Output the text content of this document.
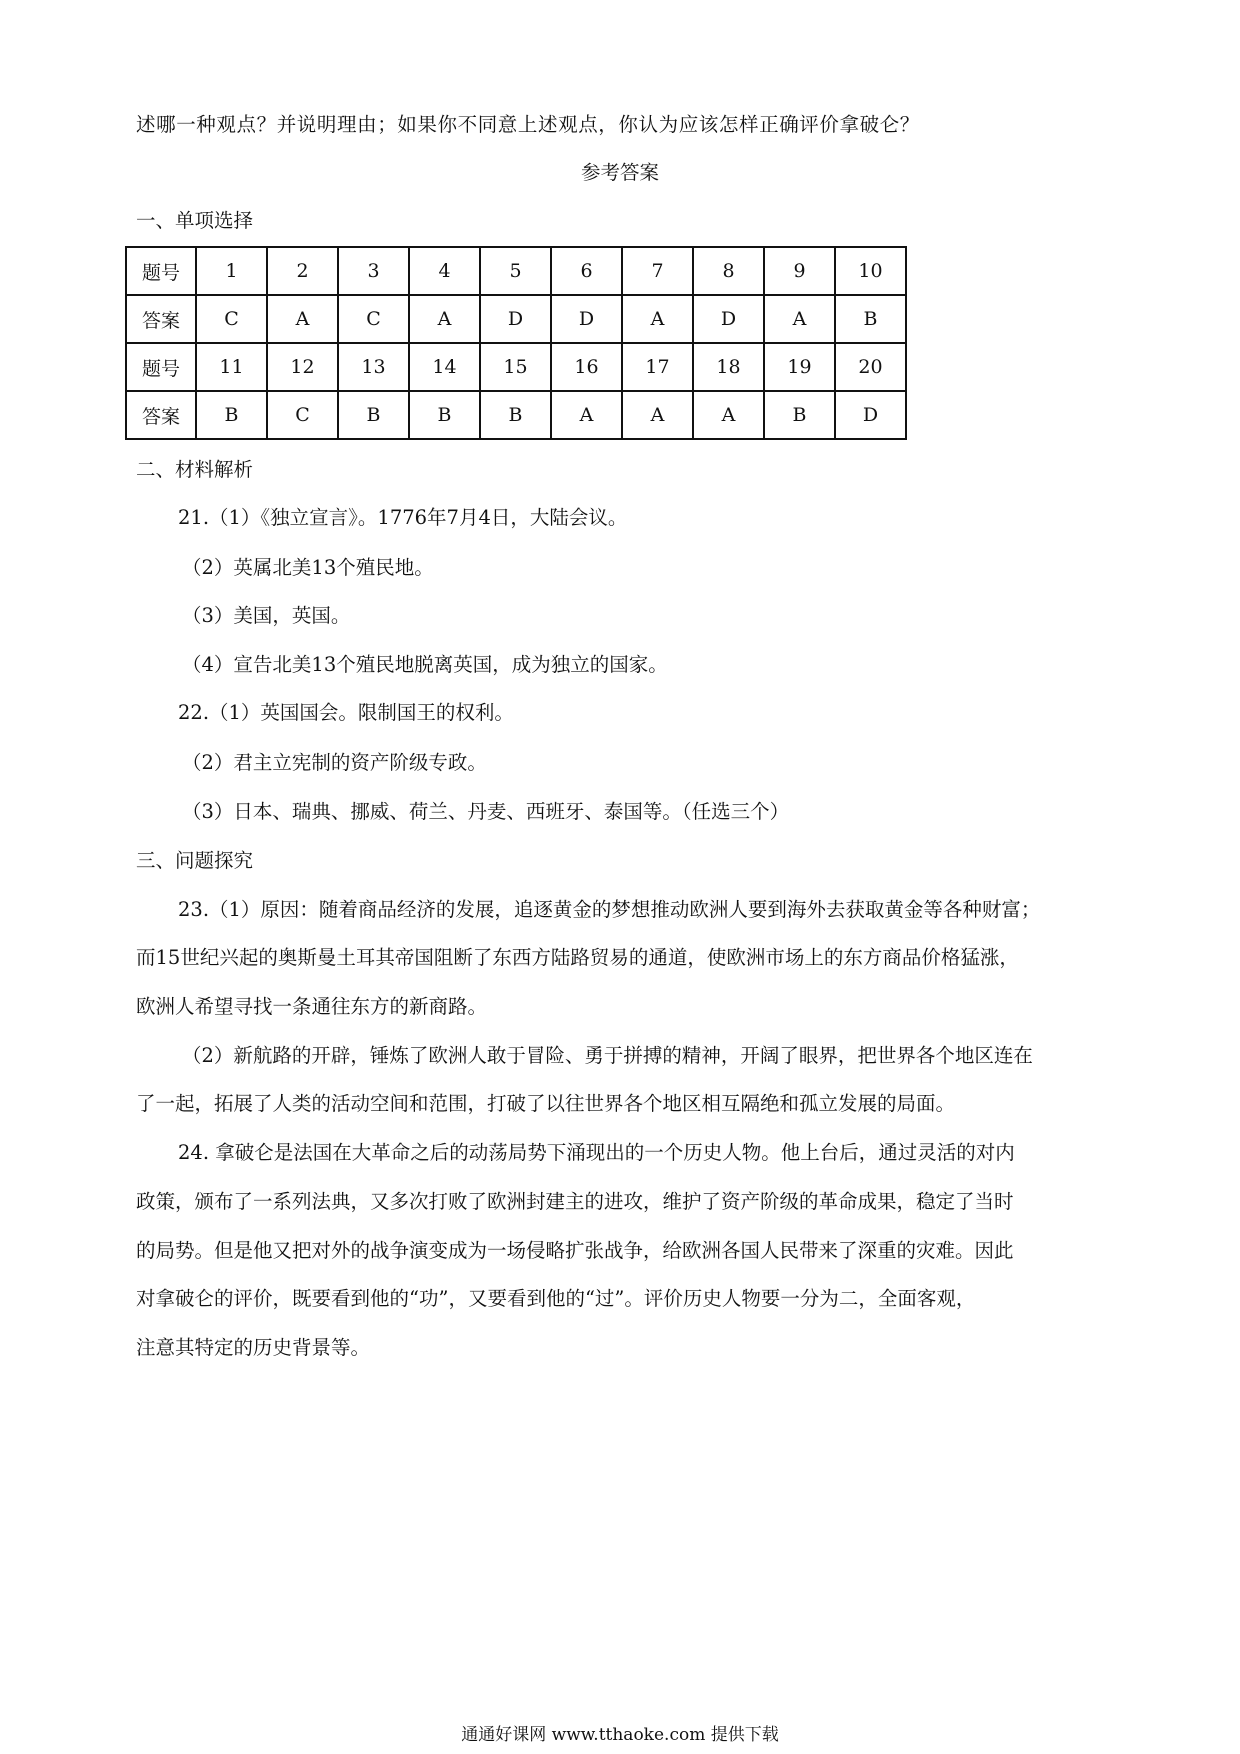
述哪一种观点？并说明理由；如果你不同意上述观点，你认为应该怎样正确评价拿破仑？
参考答案
一、单项选择
题号	1	2	3	4	5	6	7	8	9	10
答案	C	A	C	A	D	D	A	D	A	B
题号	11	12	13	14	15	16	17	18	19	20
答案	B	C	B	B	B	A	A	A	B	D
二、材料解析
21.（1）《独立宣言》。1776年7月4日，大陆会议。
（2）英属北美13个殖民地。
（3）美国，英国。
（4）宣告北美13个殖民地脱离英国，成为独立的国家。
22.（1）英国国会。限制国王的权利。
（2）君主立宪制的资产阶级专政。
（3）日本、瑞典、挪威、荷兰、丹麦、西班牙、泰国等。（任选三个）
三、问题探究
23.（1）原因：随着商品经济的发展，追逐黄金的梦想推动欧洲人要到海外去获取黄金等各种财富；
而15世纪兴起的奥斯曼土耳其帝国阻断了东西方陆路贸易的通道，使欧洲市场上的东方商品价格猛涨，
欧洲人希望寻找一条通往东方的新商路。
（2）新航路的开辟，锤炼了欧洲人敢于冒险、勇于拼搏的精神，开阔了眼界，把世界各个地区连在
了一起，拓展了人类的活动空间和范围，打破了以往世界各个地区相互隔绝和孤立发展的局面。
24. 拿破仑是法国在大革命之后的动荡局势下涌现出的一个历史人物。他上台后，通过灵活的对内
政策，颁布了一系列法典，又多次打败了欧洲封建主的进攻，维护了资产阶级的革命成果，稳定了当时
的局势。但是他又把对外的战争演变成为一场侵略扩张战争，给欧洲各国人民带来了深重的灾难。因此
对拿破仑的评价，既要看到他的“功”，又要看到他的“过”。评价历史人物要一分为二，全面客观，
注意其特定的历史背景等。
通通好课网 www.tthaoke.com 提供下载
